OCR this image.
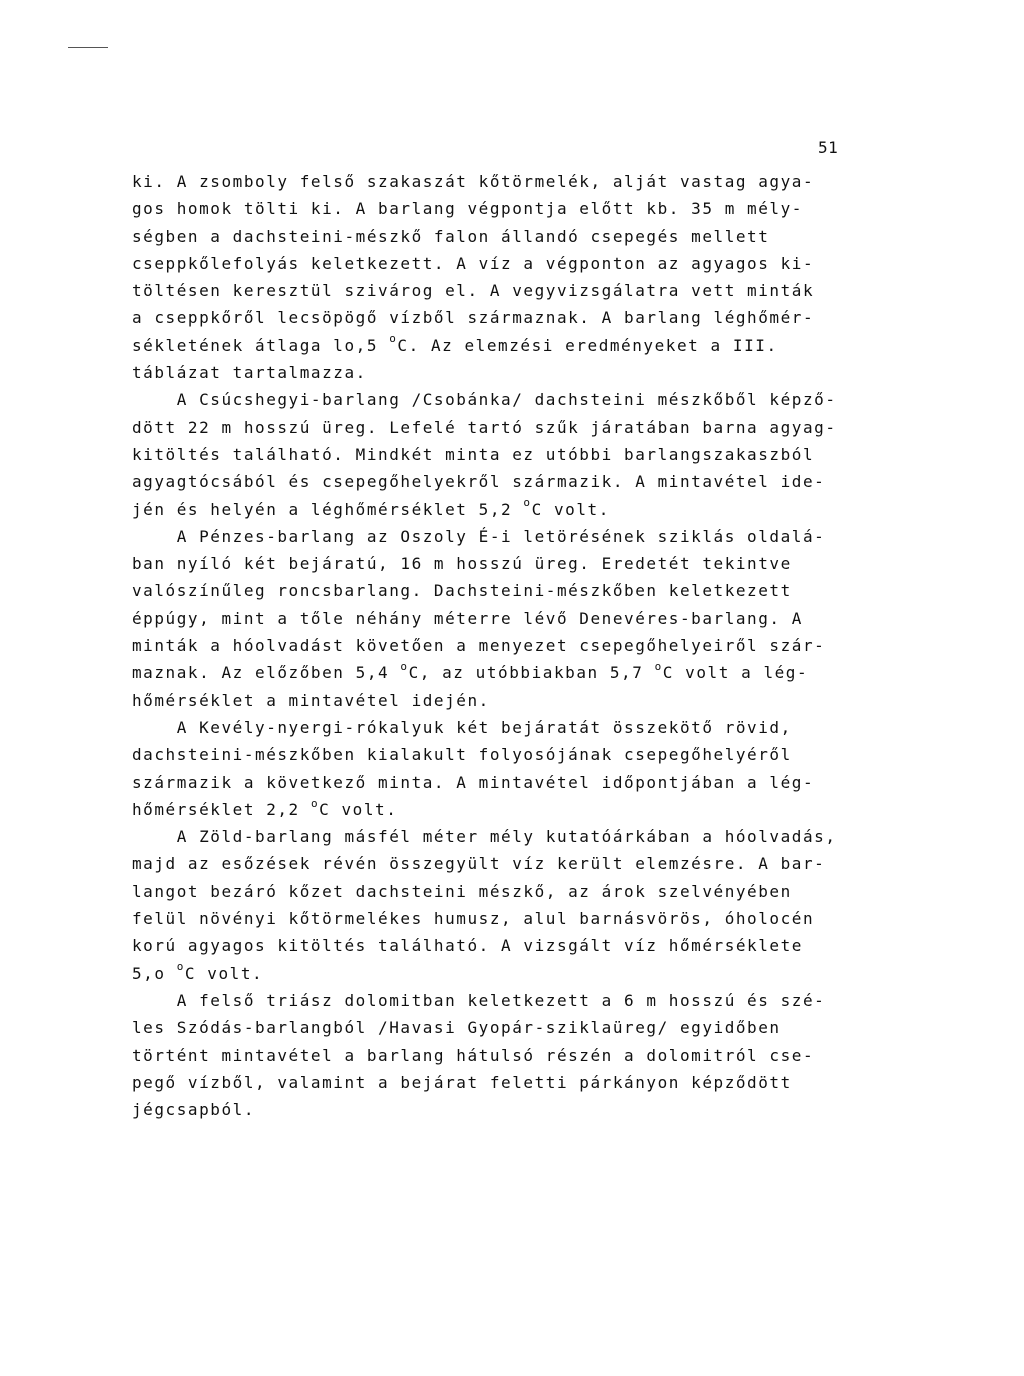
51
ki. A zsomboly felső szakaszát kőtörmelék, alját vastag agya-
gos homok tölti ki. A barlang végpontja előtt kb. 35 m mély-
ségben a dachsteini-mészkő falon állandó csepegés mellett
cseppkőlefolyás keletkezett. A víz a végponton az agyagos ki-
töltésen keresztül szivárog el. A vegyvizsgálatra vett minták
a cseppkőről lecsöpögő vízből származnak. A barlang léghőmér-
sékletének átlaga lo,5 $^o$C. Az elemzési eredményeket a III.
táblázat tartalmazza.
A Csúcshegyi-barlang /Csobánka/ dachsteini mészkőből képző-
dött 22 m hosszú üreg. Lefelé tartó szűk járatában barna agyag-
kitöltés található. Mindkét minta ez utóbbi barlangszakaszból
agyagtócsából és csepegőhelyekről származik. A mintavétel ide-
jén és helyén a léghőmérséklet 5,2 $^o$C volt.
A Pénzes-barlang az Oszoly É-i letörésének sziklás oldalá-
ban nyíló két bejáratú, 16 m hosszú üreg. Eredetét tekintve
valószínűleg roncsbarlang. Dachsteini-mészkőben keletkezett
éppúgy, mint a tőle néhány méterre lévő Denevéres-barlang. A
minták a hóolvadást követően a menyezet csepegőhelyeiről szár-
maznak. Az előzőben 5,4 $^o$C, az utóbbiakban 5,7 $^o$C volt a lég-
hőmérséklet a mintavétel idején.
A Kevély-nyergi-rókalyuk két bejáratát összekötő rövid,
dachsteini-mészkőben kialakult folyosójának csepegőhelyéről
származik a következő minta. A mintavétel időpontjában a lég-
hőmérséklet 2,2 $^o$C volt.
A Zöld-barlang másfél méter mély kutatóárkában a hóolvadás,
majd az esőzések révén összegyült víz került elemzésre. A bar-
langot bezáró kőzet dachsteini mészkő, az árok szelvényében
felül növényi kőtörmelékes humusz, alul barnásvörös, óholocén
korú agyagos kitöltés található. A vizsgált víz hőmérséklete
5,o $^o$C volt.
A felső triász dolomitban keletkezett a 6 m hosszú és szé-
les Szódás-barlangból /Havasi Gyopár-sziklaüreg/ egyidőben
történt mintavétel a barlang hátulsó részén a dolomitról cse-
pegő vízből, valamint a bejárat feletti párkányon képződött
jégcsapból.
